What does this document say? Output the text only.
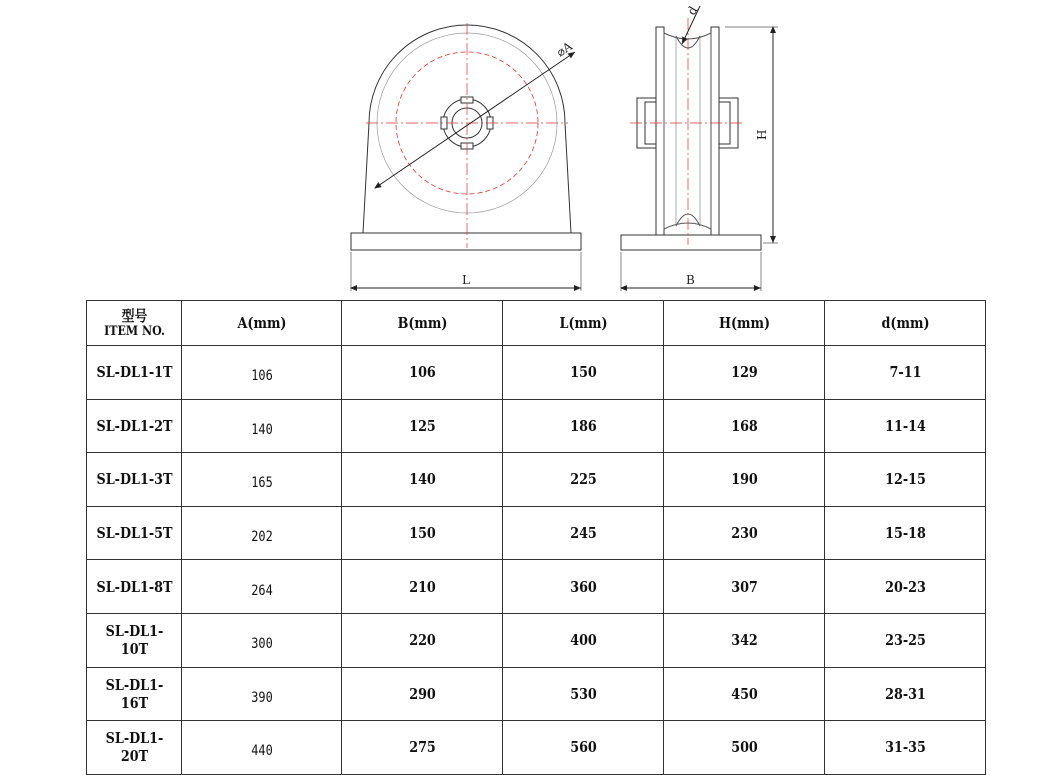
⌀A
L
d
H
B
型号
ITEM NO.	A(mm)	B(mm)	L(mm)	H(mm)	d(mm)
SL-DL1-1T	106	106	150	129	7-11
SL-DL1-2T	140	125	186	168	11-14
SL-DL1-3T	165	140	225	190	12-15
SL-DL1-5T	202	150	245	230	15-18
SL-DL1-8T	264	210	360	307	20-23
SL-DL1-10T	300	220	400	342	23-25
SL-DL1-16T	390	290	530	450	28-31
SL-DL1-20T	440	275	560	500	31-35
